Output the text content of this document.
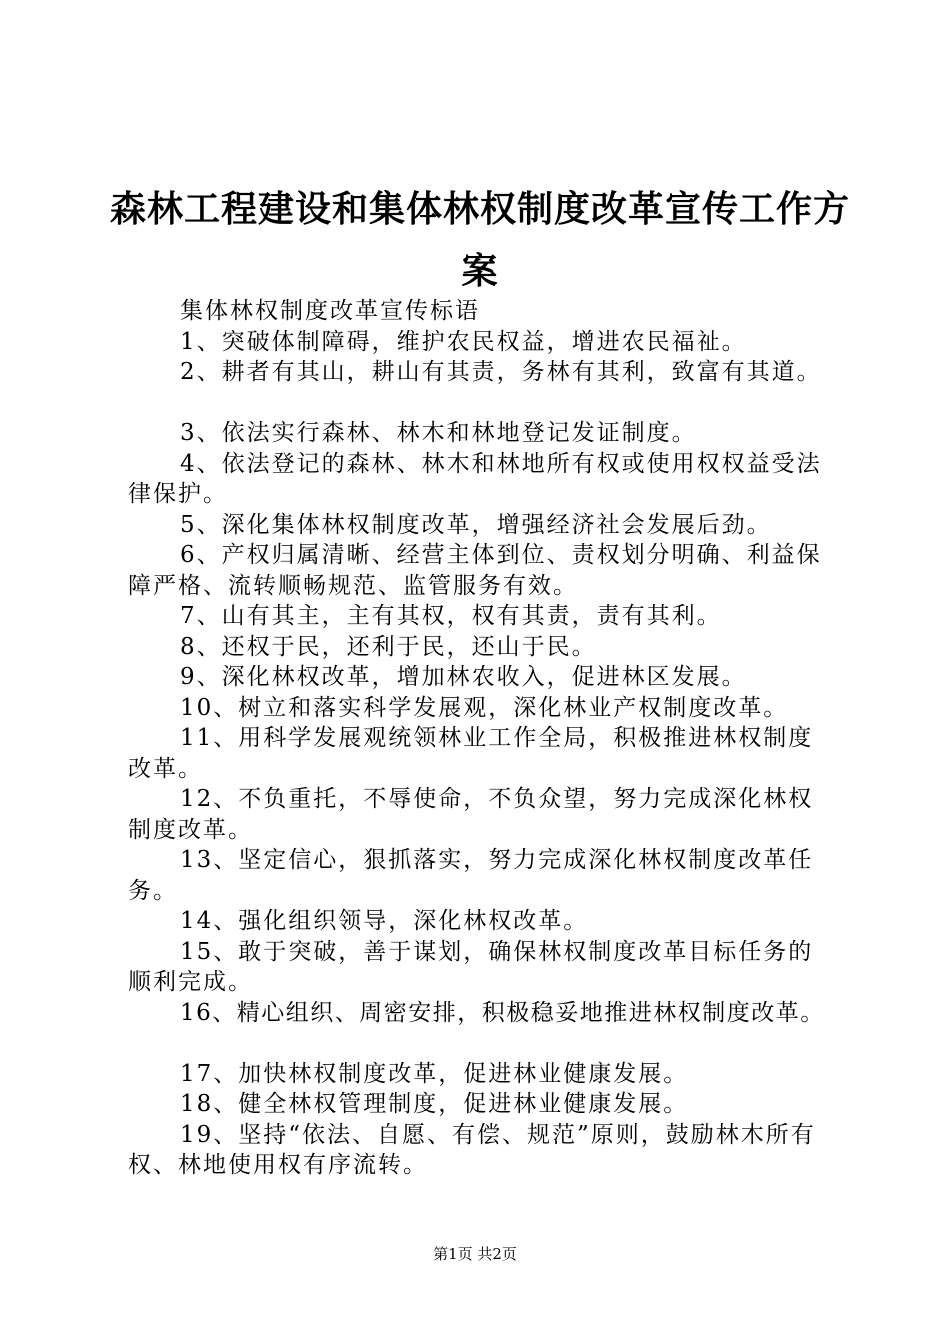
森林工程建设和集体林权制度改革宣传工作方案

集体林权制度改革宣传标语

1、突破体制障碍，维护农民权益，增进农民福祉。

2、耕者有其山，耕山有其责，务林有其利，致富有其道。

3、依法实行森林、林木和林地登记发证制度。

4、依法登记的森林、林木和林地所有权或使用权权益受法律保护。

5、深化集体林权制度改革，增强经济社会发展后劲。

6、产权归属清晰、经营主体到位、责权划分明确、利益保障严格、流转顺畅规范、监管服务有效。

7、山有其主，主有其权，权有其责，责有其利。

8、还权于民，还利于民，还山于民。

9、深化林权改革，增加林农收入，促进林区发展。

10、树立和落实科学发展观，深化林业产权制度改革。

11、用科学发展观统领林业工作全局，积极推进林权制度改革。

12、不负重托，不辱使命，不负众望，努力完成深化林权制度改革。

13、坚定信心，狠抓落实，努力完成深化林权制度改革任务。

14、强化组织领导，深化林权改革。

15、敢于突破，善于谋划，确保林权制度改革目标任务的顺利完成。

16、精心组织、周密安排，积极稳妥地推进林权制度改革。

17、加快林权制度改革，促进林业健康发展。

18、健全林权管理制度，促进林业健康发展。

19、坚持“依法、自愿、有偿、规范”原则，鼓励林木所有权、林地使用权有序流转。

第1页 共2页
